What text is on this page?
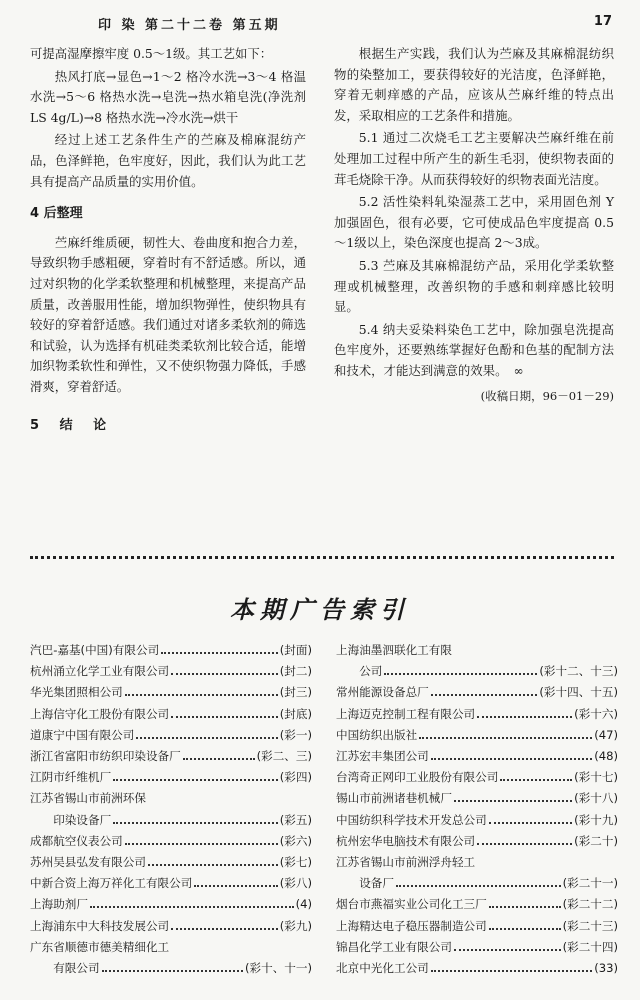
印 染 第二十二卷 第五期	17

可提高湿摩擦牢度 0.5～1级。其工艺如下：

热风打底→显色→1～2 格冷水洗→3～4 格温水洗→5～6 格热水洗→皂洗→热水箱皂洗(净洗剂 LS 4g/L)→8 格热水洗→冷水洗→烘干

经过上述工艺条件生产的苎麻及棉麻混纺产品，色泽鲜艳，色牢度好，因此，我们认为此工艺具有提高产品质量的实用价值。

4 后整理

苎麻纤维质硬，韧性大、卷曲度和抱合力差，导致织物手感粗硬，穿着时有不舒适感。所以，通过对织物的化学柔软整理和机械整理，来提高产品质量，改善服用性能，增加织物弹性，使织物具有较好的穿着舒适感。我们通过对诸多柔软剂的筛选和试验，认为选择有机硅类柔软剂比较合适，能增加织物柔软性和弹性，又不使织物强力降低，手感滑爽，穿着舒适。

5 结 论

根据生产实践，我们认为苎麻及其麻棉混纺织物的染整加工，要获得较好的光洁度，色泽鲜艳，穿着无刺痒感的产品，应该从苎麻纤维的特点出发，采取相应的工艺条件和措施。

5.1 通过二次烧毛工艺主要解决苎麻纤维在前处理加工过程中所产生的新生毛羽，使织物表面的茸毛烧除干净。从而获得较好的织物表面光洁度。

5.2 活性染料轧染湿蒸工艺中，采用固色剂 Y 加强固色，很有必要，它可使成品色牢度提高 0.5～1级以上，染色深度也提高 2～3成。

5.3 苎麻及其麻棉混纺产品，采用化学柔软整理或机械整理，改善织物的手感和刺痒感比较明显。

5.4 纳夫妥染料染色工艺中，除加强皂洗提高色牢度外，还要熟练掌握好色酚和色基的配制方法和技术，才能达到满意的效果。 ∞

(收稿日期，96－01－29)
本期广告索引
汽巴-嘉基(中国)有限公司	(封面)
杭州涌立化学工业有限公司	(封二)
华光集团照相公司	(封三)
上海信守化工股份有限公司	(封底)
道康宁中国有限公司	(彩一)
浙江省富阳市纺织印染设备厂	(彩二、三)
江阴市纤维机厂	(彩四)
江苏省锡山市前洲环保
印染设备厂	(彩五)
成都航空仪表公司	(彩六)
苏州吴县弘发有限公司	(彩七)
中新合资上海万祥化工有限公司	(彩八)
上海助剂厂	(4)
上海浦东中大科技发展公司	(彩九)
广东省顺德市德美精细化工
有限公司	(彩十、十一)
上海油墨泗联化工有限
公司	(彩十二、十三)
常州能源设备总厂	(彩十四、十五)
上海迈克控制工程有限公司	(彩十六)
中国纺织出版社	(47)
江苏宏丰集团公司	(48)
台湾奇正网印工业股份有限公司	(彩十七)
锡山市前洲诸巷机械厂	(彩十八)
中国纺织科学技术开发总公司	(彩十九)
杭州宏华电脑技术有限公司	(彩二十)
江苏省锡山市前洲浮舟轻工
设备厂	(彩二十一)
烟台市燕福实业公司化工三厂	(彩二十二)
上海精达电子稳压器制造公司	(彩二十三)
锦昌化学工业有限公司	(彩二十四)
北京中光化工公司	(33)
